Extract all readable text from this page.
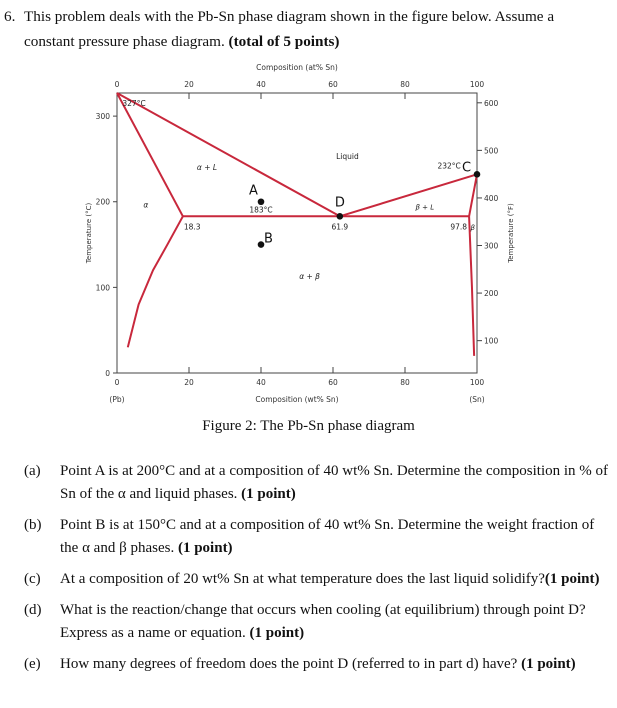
6. This problem deals with the Pb-Sn phase diagram shown in the figure below. Assume a
constant pressure phase diagram. (total of 5 points)
0	20	40	60	80	100
0	20	40	60	80	100
0
100
200
300
100
200
300
400
500
600
Composition (at% Sn)
Composition (wt% Sn)
(Pb)	(Sn)
Temperature (°C)	Temperature (°F)
327°C
232°C
183°C
Liquid
α + L
β + L
α
β
α + β
18.3	61.9	97.8
A
B
C
D
Figure 2: The Pb-Sn phase diagram
(a) Point A is at 200°C and at a composition of 40 wt% Sn. Determine the composition in % of Sn of the α and liquid phases. (1 point)
(b) Point B is at 150°C and at a composition of 40 wt% Sn. Determine the weight fraction of the α and β phases. (1 point)
(c) At a composition of 20 wt% Sn at what temperature does the last liquid solidify?(1 point)
(d) What is the reaction/change that occurs when cooling (at equilibrium) through point D? Express as a name or equation. (1 point)
(e) How many degrees of freedom does the point D (referred to in part d) have? (1 point)
